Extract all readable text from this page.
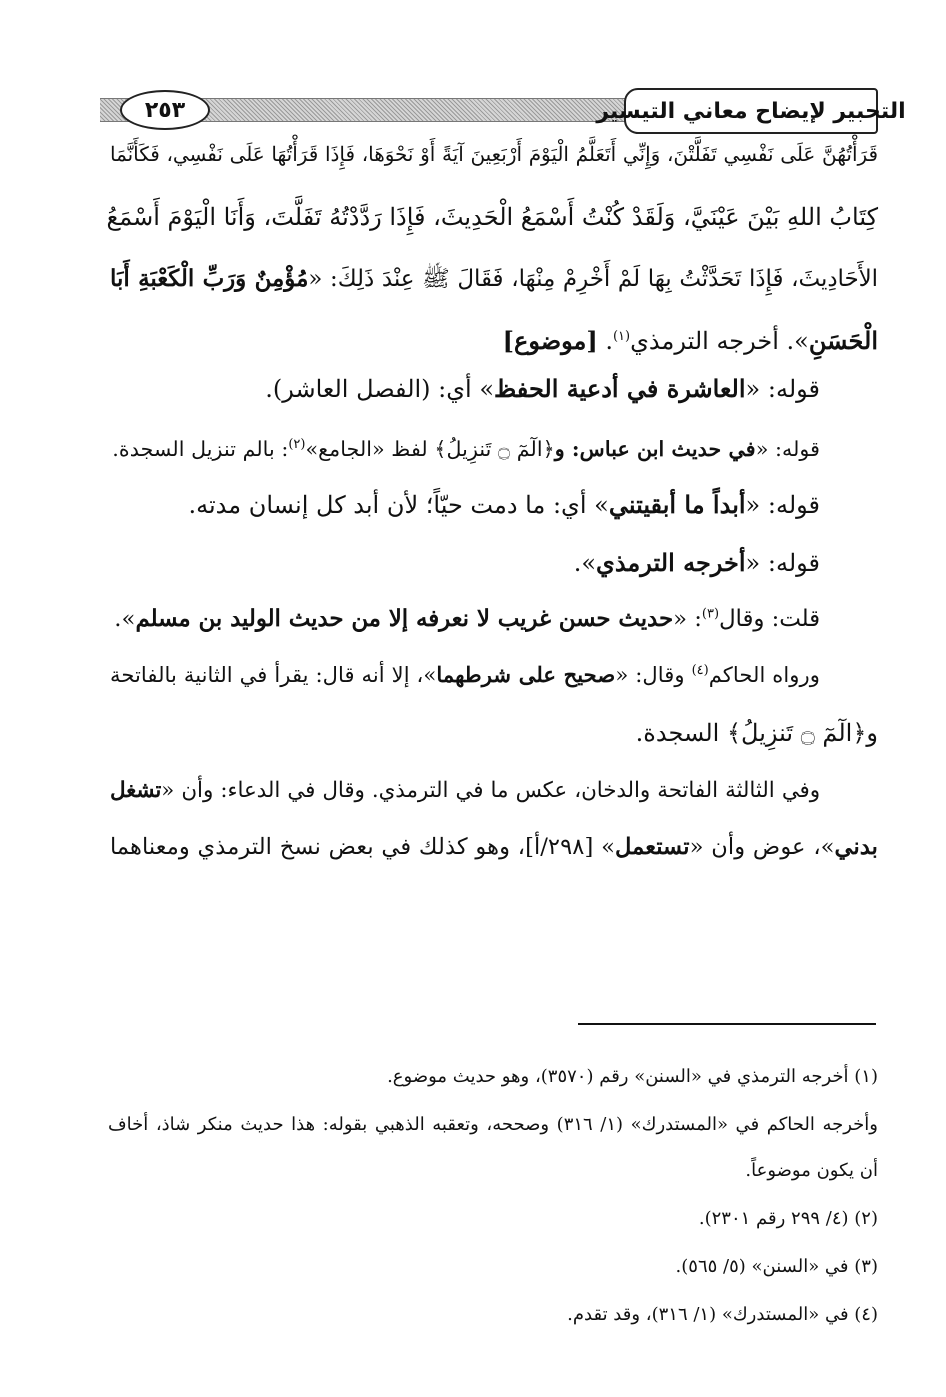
التحبير لإيضاح معاني التيسير
٢٥٣
قَرَأْتُهُنَّ عَلَى نَفْسِي تَفَلَّتْنَ، وَإِنِّي أَتَعَلَّمُ الْيَوْمَ أَرْبَعِينَ آيَةً أَوْ نَحْوَهَا، فَإِذَا قَرَأْتُهَا عَلَى نَفْسِي، فَكَأَنَّمَا
كِتَابُ اللهِ بَيْنَ عَيْنَيَّ، وَلَقَدْ كُنْتُ أَسْمَعُ الْحَدِيثَ، فَإِذَا رَدَّدْتُهُ تَفَلَّتَ، وَأَنَا الْيَوْمَ أَسْمَعُ
الأَحَادِيثَ، فَإِذَا تَحَدَّثْتُ بِهَا لَمْ أَخْرِمْ مِنْهَا، فَقَالَ ﷺ عِنْدَ ذَلِكَ: «مُؤْمِنٌ وَرَبِّ الْكَعْبَةِ أَبَا
الْحَسَنِ». أخرجه الترمذي$^{(١)}$. [موضوع]
قوله: «العاشرة في أدعية الحفظ» أي: (الفصل العاشر).
قوله: «في حديث ابن عباس: و﴿الٓمٓ ۝ تَنزِيلُ﴾ لفظ «الجامع»$^{(٢)}$: بالم تنزيل السجدة.
قوله: «أبداً ما أبقيتني» أي: ما دمت حيّاً؛ لأن أبد كل إنسان مدته.
قوله: «أخرجه الترمذي».
قلت: وقال$^{(٣)}$: «حديث حسن غريب لا نعرفه إلا من حديث الوليد بن مسلم».
ورواه الحاكم$^{(٤)}$ وقال: «صحيح على شرطهما»، إلا أنه قال: يقرأ في الثانية بالفاتحة
و﴿الٓمٓ ۝ تَنزِيلُ﴾ السجدة.
وفي الثالثة الفاتحة والدخان، عكس ما في الترمذي. وقال في الدعاء: وأن «تشغل
بدني»، عوض وأن «تستعمل» [٢٩٨/أ]، وهو كذلك في بعض نسخ الترمذي ومعناهما
(١) أخرجه الترمذي في «السنن» رقم (٣٥٧٠)، وهو حديث موضوع.
وأخرجه الحاكم في «المستدرك» (١/ ٣١٦) وصححه، وتعقبه الذهبي بقوله: هذا حديث منكر شاذ، أخاف
أن يكون موضوعاً.
(٢) (٤/ ٢٩٩ رقم ٢٣٠١).
(٣) في «السنن» (٥/ ٥٦٥).
(٤) في «المستدرك» (١/ ٣١٦)، وقد تقدم.
